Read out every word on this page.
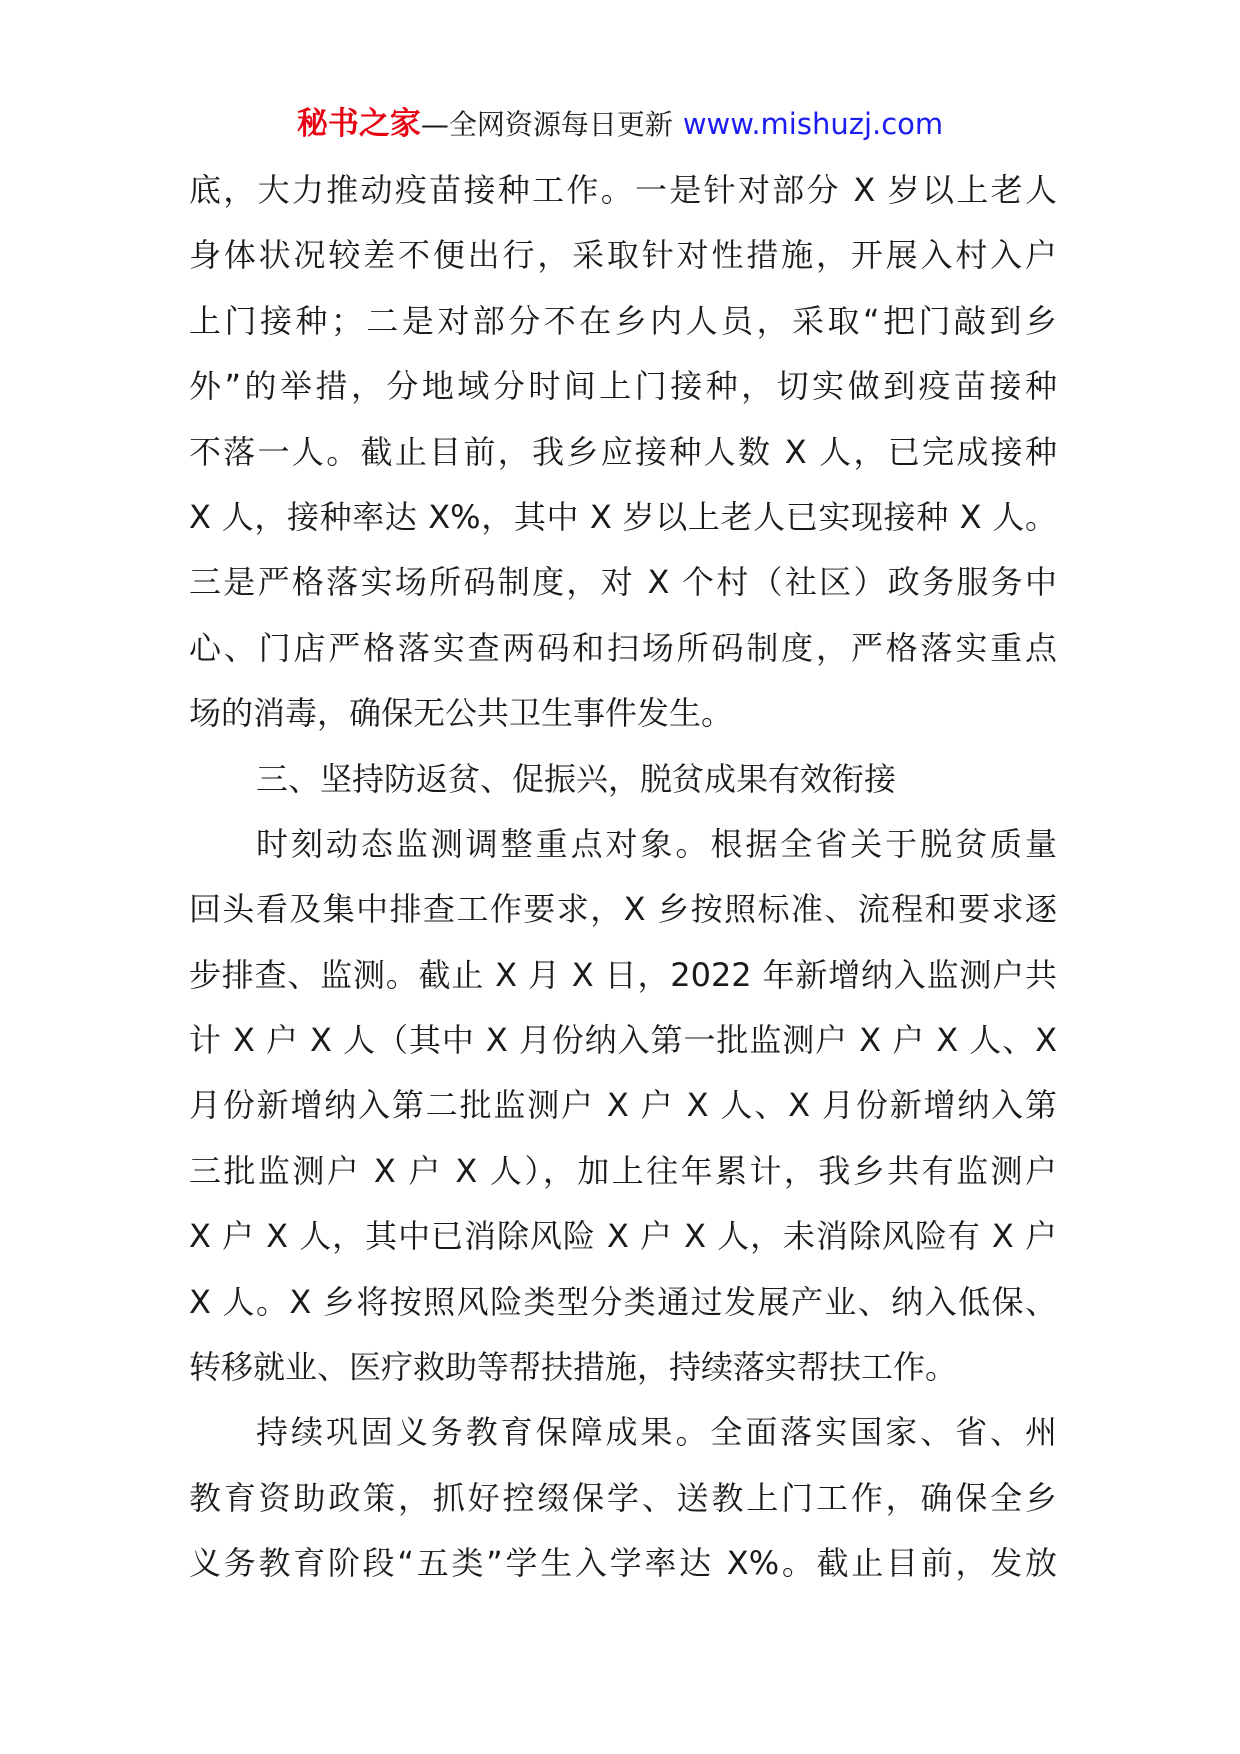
秘书之家—全网资源每日更新 www.mishuzj.com
底，大力推动疫苗接种工作。一是针对部分 X 岁以上老人
身体状况较差不便出行，采取针对性措施，开展入村入户
上门接种；二是对部分不在乡内人员，采取“把门敲到乡
外”的举措，分地域分时间上门接种，切实做到疫苗接种
不落一人。截止目前，我乡应接种人数 X 人，已完成接种
X 人，接种率达 X%，其中 X 岁以上老人已实现接种 X 人。
三是严格落实场所码制度，对 X 个村（社区）政务服务中
心、门店严格落实查两码和扫场所码制度，严格落实重点
场的消毒，确保无公共卫生事件发生。
三、坚持防返贫、促振兴，脱贫成果有效衔接
时刻动态监测调整重点对象。根据全省关于脱贫质量
回头看及集中排查工作要求，X 乡按照标准、流程和要求逐
步排查、监测。截止 X 月 X 日，2022 年新增纳入监测户共
计 X 户 X 人（其中 X 月份纳入第一批监测户 X 户 X 人、X
月份新增纳入第二批监测户 X 户 X 人、X 月份新增纳入第
三批监测户 X 户 X 人），加上往年累计，我乡共有监测户
X 户 X 人，其中已消除风险 X 户 X 人，未消除风险有 X 户
X 人。X 乡将按照风险类型分类通过发展产业、纳入低保、
转移就业、医疗救助等帮扶措施，持续落实帮扶工作。
持续巩固义务教育保障成果。全面落实国家、省、州
教育资助政策，抓好控缀保学、送教上门工作，确保全乡
义务教育阶段“五类”学生入学率达 X%。截止目前，发放
